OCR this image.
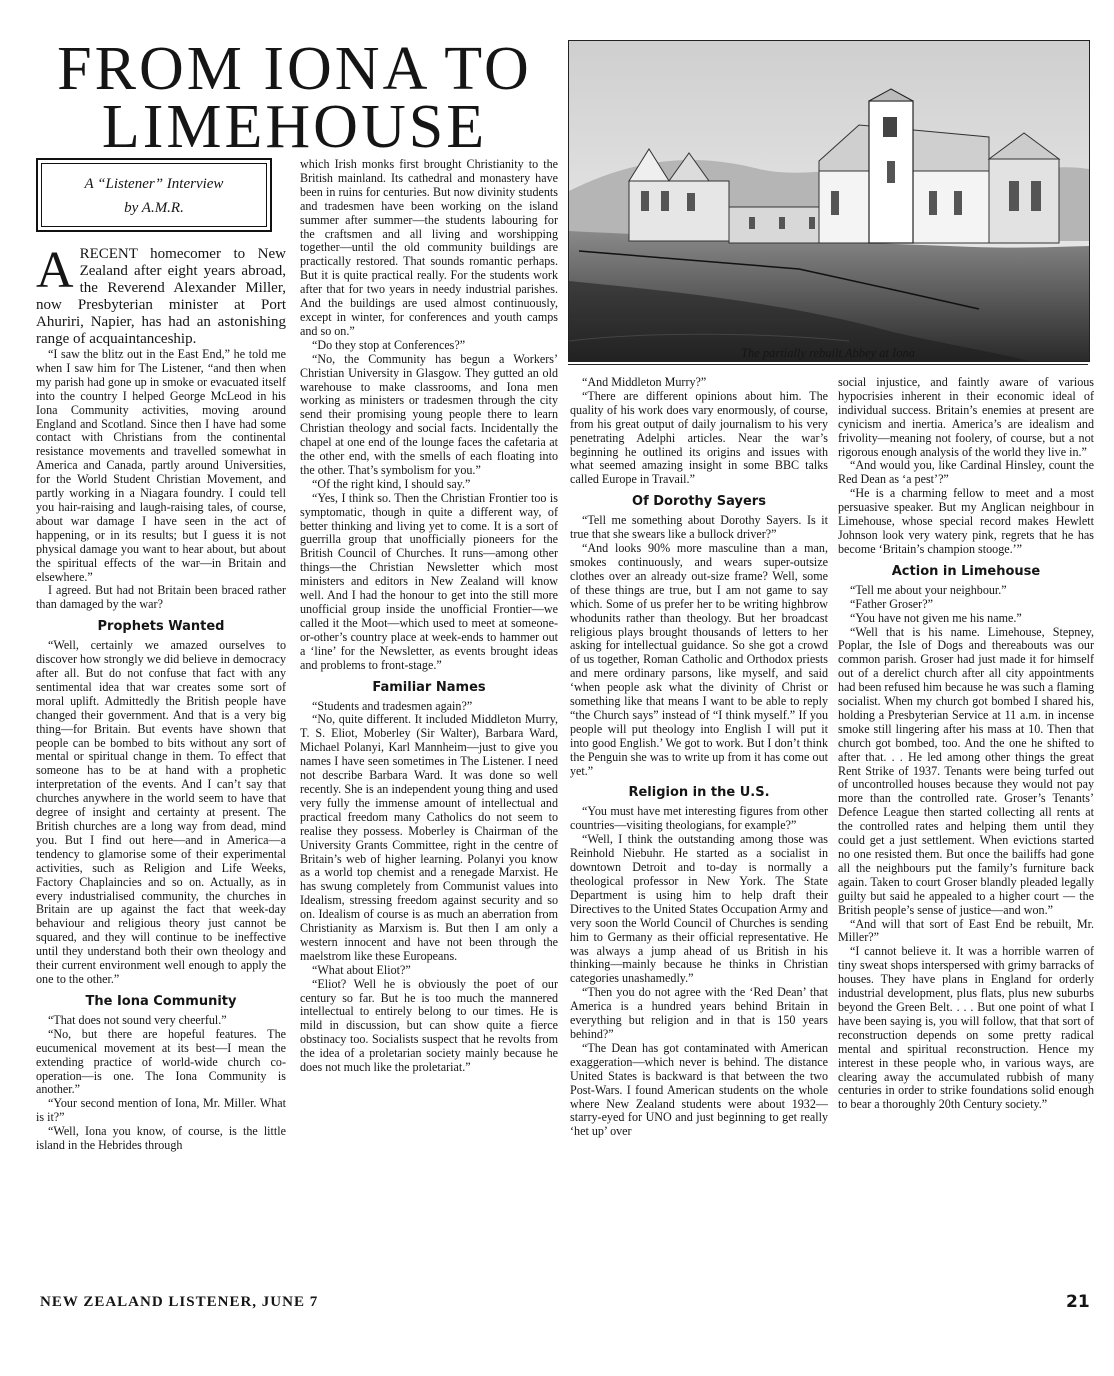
FROM IONA TO
LIMEHOUSE
A “Listener” Interview
by A.M.R.
The partially rebuilt Abbey at Iona

ARECENT homecomer to New Zealand after eight years abroad, the Reverend Alexander Miller, now Presbyterian minister at Port Ahuriri, Napier, has had an astonishing range of acquaintanceship.

“I saw the blitz out in the East End,” he told me when I saw him for The Listener, “and then when my parish had gone up in smoke or evacuated itself into the country I helped George McLeod in his Iona Community activities, moving around England and Scotland. Since then I have had some contact with Christians from the continental resistance movements and travelled somewhat in America and Canada, partly around Universities, for the World Student Christian Movement, and partly working in a Niagara foundry. I could tell you hair-raising and laugh-raising tales, of course, about war damage I have seen in the act of happening, or in its results; but I guess it is not physical damage you want to hear about, but about the spiritual effects of the war—in Britain and elsewhere.”

I agreed. But had not Britain been braced rather than damaged by the war?

Prophets Wanted

“Well, certainly we amazed ourselves to discover how strongly we did believe in democracy after all. But do not confuse that fact with any sentimental idea that war creates some sort of moral uplift. Admittedly the British people have changed their government. And that is a very big thing—for Britain. But events have shown that people can be bombed to bits without any sort of mental or spiritual change in them. To effect that someone has to be at hand with a prophetic interpretation of the events. And I can’t say that churches anywhere in the world seem to have that degree of insight and certainty at present. The British churches are a long way from dead, mind you. But I find out here—and in America—a tendency to glamorise some of their experimental activities, such as Religion and Life Weeks, Factory Chaplaincies and so on. Actually, as in every industrialised community, the churches in Britain are up against the fact that week-day behaviour and religious theory just cannot be squared, and they will continue to be ineffective until they understand both their own theology and their current environment well enough to apply the one to the other.”

The Iona Community

“That does not sound very cheerful.”

“No, but there are hopeful features. The eucumenical movement at its best—I mean the extending practice of world-wide church co-operation—is one. The Iona Community is another.”

“Your second mention of Iona, Mr. Miller. What is it?”

“Well, Iona you know, of course, is the little island in the Hebrides through

which Irish monks first brought Christianity to the British mainland. Its cathedral and monastery have been in ruins for centuries. But now divinity students and tradesmen have been working on the island summer after summer—the students labouring for the craftsmen and all living and worshipping together—until the old community buildings are practically restored. That sounds romantic perhaps. But it is quite practical really. For the students work after that for two years in needy industrial parishes. And the buildings are used almost continuously, except in winter, for conferences and youth camps and so on.”

“Do they stop at Conferences?”

“No, the Community has begun a Workers’ Christian University in Glasgow. They gutted an old warehouse to make classrooms, and Iona men working as ministers or tradesmen through the city send their promising young people there to learn Christian theology and social facts. Incidentally the chapel at one end of the lounge faces the cafetaria at the other end, with the smells of each floating into the other. That’s symbolism for you.”

“Of the right kind, I should say.”

“Yes, I think so. Then the Christian Frontier too is symptomatic, though in quite a different way, of better thinking and living yet to come. It is a sort of guerrilla group that unofficially pioneers for the British Council of Churches. It runs—among other things—the Christian Newsletter which most ministers and editors in New Zealand will know well. And I had the honour to get into the still more unofficial group inside the unofficial Frontier—we called it the Moot—which used to meet at someone-or-other’s country place at week-ends to hammer out a ‘line’ for the Newsletter, as events brought ideas and problems to front-stage.”

Familiar Names

“Students and tradesmen again?”

“No, quite different. It included Middleton Murry, T. S. Eliot, Moberley (Sir Walter), Barbara Ward, Michael Polanyi, Karl Mannheim—just to give you names I have seen sometimes in The Listener. I need not describe Barbara Ward. It was done so well recently. She is an independent young thing and used very fully the immense amount of intellectual and practical freedom many Catholics do not seem to realise they possess. Moberley is Chairman of the University Grants Committee, right in the centre of Britain’s web of higher learning. Polanyi you know as a world top chemist and a renegade Marxist. He has swung completely from Communist values into Idealism, stressing freedom against security and so on. Idealism of course is as much an aberration from Christianity as Marxism is. But then I am only a western innocent and have not been through the maelstrom like these Europeans.

“What about Eliot?”

“Eliot? Well he is obviously the poet of our century so far. But he is too much the mannered intellectual to entirely belong to our times. He is mild in discussion, but can show quite a fierce obstinacy too. Socialists suspect that he revolts from the idea of a proletarian society mainly because he does not much like the proletariat.”

“And Middleton Murry?”

“There are different opinions about him. The quality of his work does vary enormously, of course, from his great output of daily journalism to his very penetrating Adelphi articles. Near the war’s beginning he outlined its origins and issues with what seemed amazing insight in some BBC talks called Europe in Travail.”

Of Dorothy Sayers

“Tell me something about Dorothy Sayers. Is it true that she swears like a bullock driver?”

“And looks 90% more masculine than a man, smokes continuously, and wears super-outsize clothes over an already out-size frame? Well, some of these things are true, but I am not game to say which. Some of us prefer her to be writing highbrow whodunits rather than theology. But her broadcast religious plays brought thousands of letters to her asking for intellectual guidance. So she got a crowd of us together, Roman Catholic and Orthodox priests and mere ordinary parsons, like myself, and said ‘when people ask what the divinity of Christ or something like that means I want to be able to reply “the Church says” instead of “I think myself.” If you people will put theology into English I will put it into good English.’ We got to work. But I don’t think the Penguin she was to write up from it has come out yet.”

Religion in the U.S.

“You must have met interesting figures from other countries—visiting theologians, for example?”

“Well, I think the outstanding among those was Reinhold Niebuhr. He started as a socialist in downtown Detroit and to-day is normally a theological professor in New York. The State Department is using him to help draft their Directives to the United States Occupation Army and very soon the World Council of Churches is sending him to Germany as their official representative. He was always a jump ahead of us British in his thinking—mainly because he thinks in Christian categories unashamedly.”

“Then you do not agree with the ‘Red Dean’ that America is a hundred years behind Britain in everything but religion and in that is 150 years behind?”

“The Dean has got contaminated with American exaggeration—which never is behind. The distance United States is backward is that between the two Post-Wars. I found American students on the whole where New Zealand students were about 1932—starry-eyed for UNO and just beginning to get really ‘het up’ over

social injustice, and faintly aware of various hypocrisies inherent in their economic ideal of individual success. Britain’s enemies at present are cynicism and inertia. America’s are idealism and frivolity—meaning not foolery, of course, but a not rigorous enough analysis of the world they live in.”

“And would you, like Cardinal Hinsley, count the Red Dean as ‘a pest’?”

“He is a charming fellow to meet and a most persuasive speaker. But my Anglican neighbour in Limehouse, whose special record makes Hewlett Johnson look very watery pink, regrets that he has become ‘Britain’s champion stooge.’”

Action in Limehouse

“Tell me about your neighbour.”

“Father Groser?”

“You have not given me his name.”

“Well that is his name. Limehouse, Stepney, Poplar, the Isle of Dogs and thereabouts was our common parish. Groser had just made it for himself out of a derelict church after all city appointments had been refused him because he was such a flaming socialist. When my church got bombed I shared his, holding a Presbyterian Service at 11 a.m. in incense smoke still lingering after his mass at 10. Then that church got bombed, too. And the one he shifted to after that. . . He led among other things the great Rent Strike of 1937. Tenants were being turfed out of uncontrolled houses because they would not pay more than the controlled rate. Groser’s Tenants’ Defence League then started collecting all rents at the controlled rates and helping them until they could get a just settlement. When evictions started no one resisted them. But once the bailiffs had gone all the neighbours put the family’s furniture back again. Taken to court Groser blandly pleaded legally guilty but said he appealed to a higher court — the British people’s sense of justice—and won.”

“And will that sort of East End be rebuilt, Mr. Miller?”

“I cannot believe it. It was a horrible warren of tiny sweat shops interspersed with grimy barracks of houses. They have plans in England for orderly industrial development, plus flats, plus new suburbs beyond the Green Belt. . . . But one point of what I have been saying is, you will follow, that that sort of reconstruction depends on some pretty radical mental and spiritual reconstruction. Hence my interest in these people who, in various ways, are clearing away the accumulated rubbish of many centuries in order to strike foundations solid enough to bear a thoroughly 20th Century society.”

NEW ZEALAND LISTENER, JUNE 7	21
